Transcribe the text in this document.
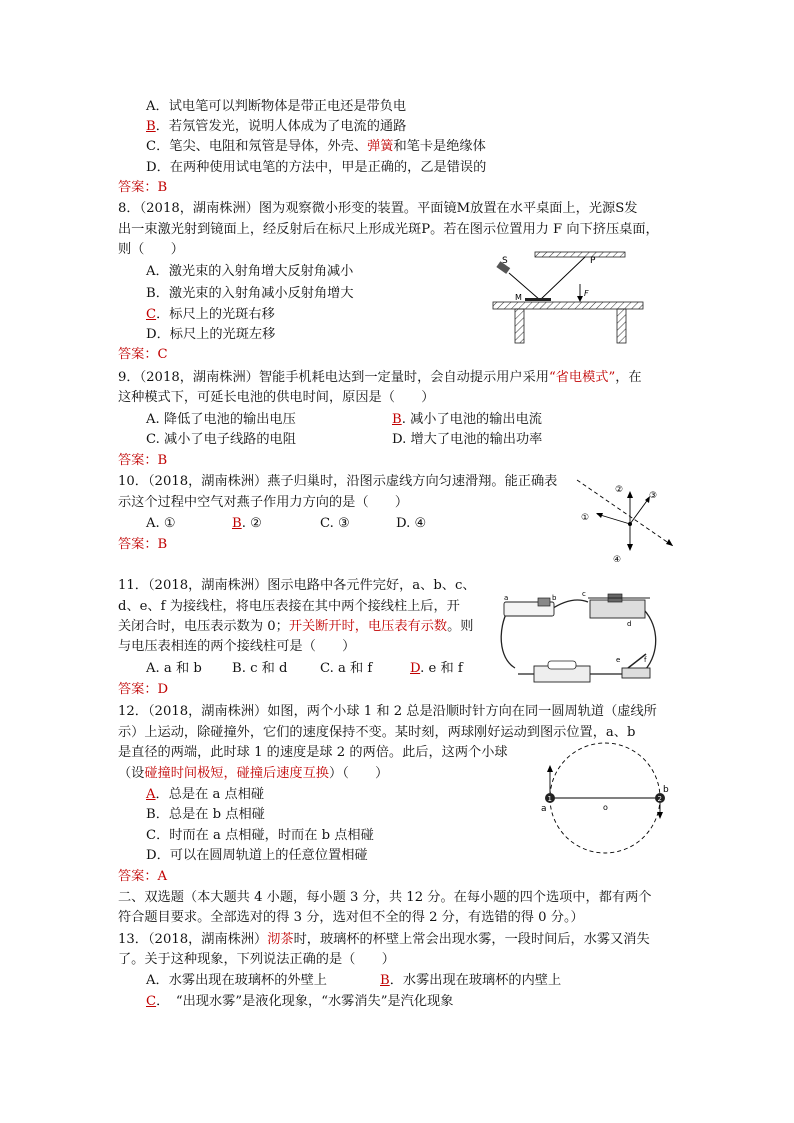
A．试电笔可以判断物体是带正电还是带负电
B．若氖管发光，说明人体成为了电流的通路
C．笔尖、电阻和氖管是导体，外壳、弹簧和笔卡是绝缘体
D．在两种使用试电笔的方法中，甲是正确的，乙是错误的
答案：B
8．（2018，湖南株洲）图为观察微小形变的装置。平面镜M放置在水平桌面上，光源S发
出一束激光射到镜面上，经反射后在标尺上形成光斑P。若在图示位置用力 F 向下挤压桌面，
则（　　）
A．激光束的入射角增大反射角减小
B．激光束的入射角减小反射角增大
C．标尺上的光斑右移
D．标尺上的光斑左移
答案：C
S	P
M	F
9．（2018，湖南株洲）智能手机耗电达到一定量时，会自动提示用户采用“省电模式”，在
这种模式下，可延长电池的供电时间，原因是（　　）
A. 降低了电池的输出电压	B. 减小了电池的输出电流
C. 减小了电子线路的电阻	D. 增大了电池的输出功率
答案：B
10．（2018，湖南株洲）燕子归巢时，沿图示虚线方向匀速滑翔。能正确表
示这个过程中空气对燕子作用力方向的是（　　）
A. ①	B. ②	C. ③	D. ④
答案：B
①
②
③
④
11．（2018，湖南株洲）图示电路中各元件完好，a、b、c、
d、e、f 为接线柱，将电压表接在其中两个接线柱上后，开
关闭合时，电压表示数为 0；开关断开时，电压表有示数。则
与电压表相连的两个接线柱可是（　　）
A. a 和 b B. c 和 d C. a 和 f	D. e 和 f
答案：D
a	b	c
d
e	f
12．（2018，湖南株洲）如图，两个小球 1 和 2 总是沿顺时针方向在同一圆周轨道（虚线所
示）上运动，除碰撞外，它们的速度保持不变。某时刻，两球刚好运动到图示位置，a、b
是直径的两端，此时球 1 的速度是球 2 的两倍。此后，这两个小球
（设碰撞时间极短，碰撞后速度互换）（　　）
A．总是在 a 点相碰
B．总是在 b 点相碰
C．时而在 a 点相碰，时而在 b 点相碰
D．可以在圆周轨道上的任意位置相碰
答案：A
1	2
o
a
b
二、双选题（本大题共 4 小题，每小题 3 分，共 12 分。在每小题的四个选项中，都有两个
符合题目要求。全部选对的得 3 分，选对但不全的得 2 分，有选错的得 0 分。）
13．（2018，湖南株洲）沏茶时，玻璃杯的杯壁上常会出现水雾，一段时间后，水雾又消失
了。关于这种现象，下列说法正确的是（　　）
A．水雾出现在玻璃杯的外壁上	B．水雾出现在玻璃杯的内壁上
C．　“出现水雾”是液化现象，“水雾消失”是汽化现象
